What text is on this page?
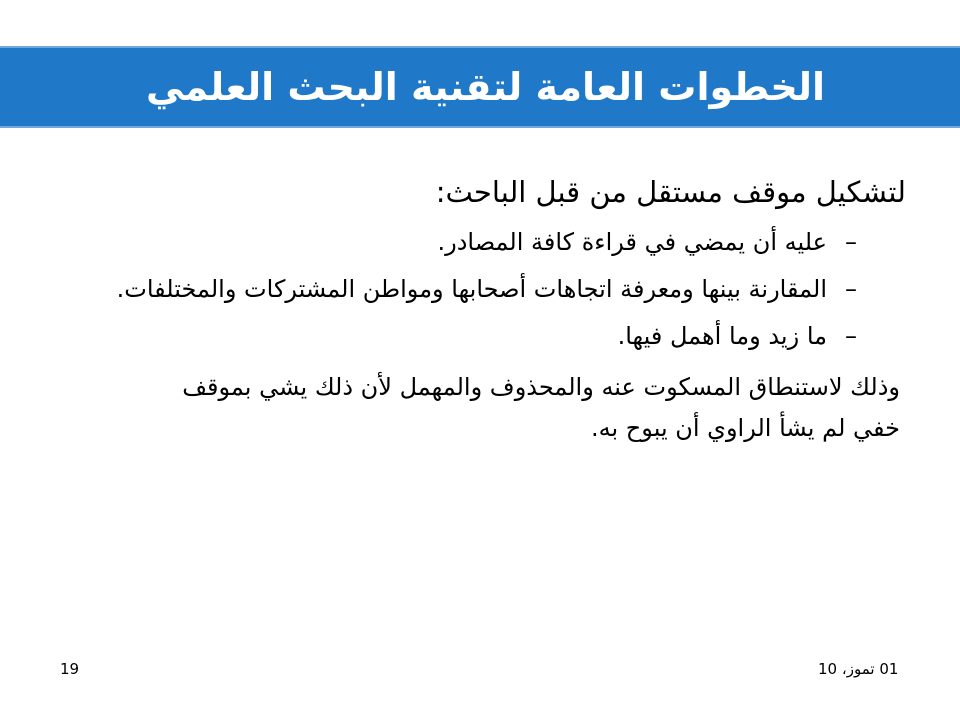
الخطوات العامة لتقنية البحث العلمي
لتشكيل موقف مستقل من قبل الباحث:
–
عليه أن يمضي في قراءة كافة المصادر.
–
المقارنة بينها ومعرفة اتجاهات أصحابها ومواطن المشتركات والمختلفات.
–
ما زيد وما أهمل فيها.
وذلك لاستنطاق المسكوت عنه والمحذوف والمهمل لأن ذلك يشي بموقف خفي لم يشأ الراوي أن يبوح به.
01 تموز، 10
19
